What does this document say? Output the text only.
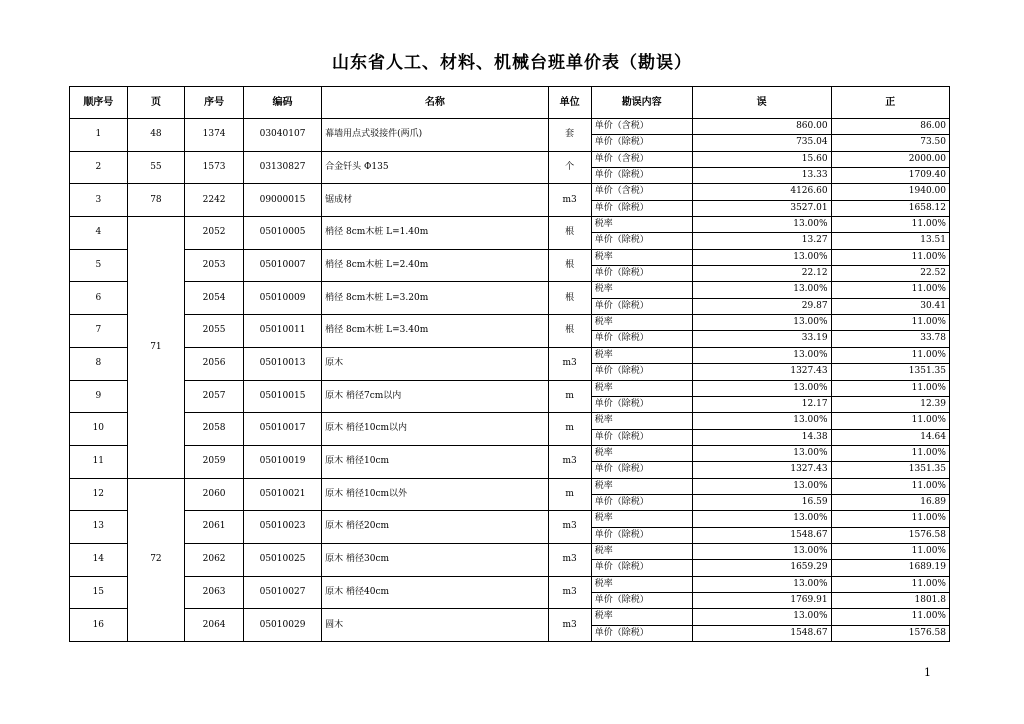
山东省人工、材料、机械台班单价表（勘误）
顺序号	页	序号	编码	名称	单位	勘误内容	误	正
1	48	1374	03040107	幕墙用点式驳接件(两爪)	套	单价（含税）	860.00	86.00
						单价（除税）	735.04	73.50
2	55	1573	03130827	合金钎头 Φ135	个	单价（含税）	15.60	2000.00
						单价（除税）	13.33	1709.40
3	78	2242	09000015	锯成材	m3	单价（含税）	4126.60	1940.00
						单价（除税）	3527.01	1658.12
4	71	2052	05010005	梢径 8cm木桩 L=1.40m	根	税率	13.00%	11.00%
						单价（除税）	13.27	13.51
5		2053	05010007	梢径 8cm木桩 L=2.40m	根	税率	13.00%	11.00%
						单价（除税）	22.12	22.52
6		2054	05010009	梢径 8cm木桩 L=3.20m	根	税率	13.00%	11.00%
						单价（除税）	29.87	30.41
7		2055	05010011	梢径 8cm木桩 L=3.40m	根	税率	13.00%	11.00%
						单价（除税）	33.19	33.78
8		2056	05010013	原木	m3	税率	13.00%	11.00%
						单价（除税）	1327.43	1351.35
9		2057	05010015	原木 梢径7cm以内	m	税率	13.00%	11.00%
						单价（除税）	12.17	12.39
10		2058	05010017	原木 梢径10cm以内	m	税率	13.00%	11.00%
						单价（除税）	14.38	14.64
11		2059	05010019	原木 梢径10cm	m3	税率	13.00%	11.00%
						单价（除税）	1327.43	1351.35
12	72	2060	05010021	原木 梢径10cm以外	m	税率	13.00%	11.00%
						单价（除税）	16.59	16.89
13		2061	05010023	原木 梢径20cm	m3	税率	13.00%	11.00%
						单价（除税）	1548.67	1576.58
14		2062	05010025	原木 梢径30cm	m3	税率	13.00%	11.00%
						单价（除税）	1659.29	1689.19
15		2063	05010027	原木 梢径40cm	m3	税率	13.00%	11.00%
						单价（除税）	1769.91	1801.8
16		2064	05010029	圆木	m3	税率	13.00%	11.00%
						单价（除税）	1548.67	1576.58
1
